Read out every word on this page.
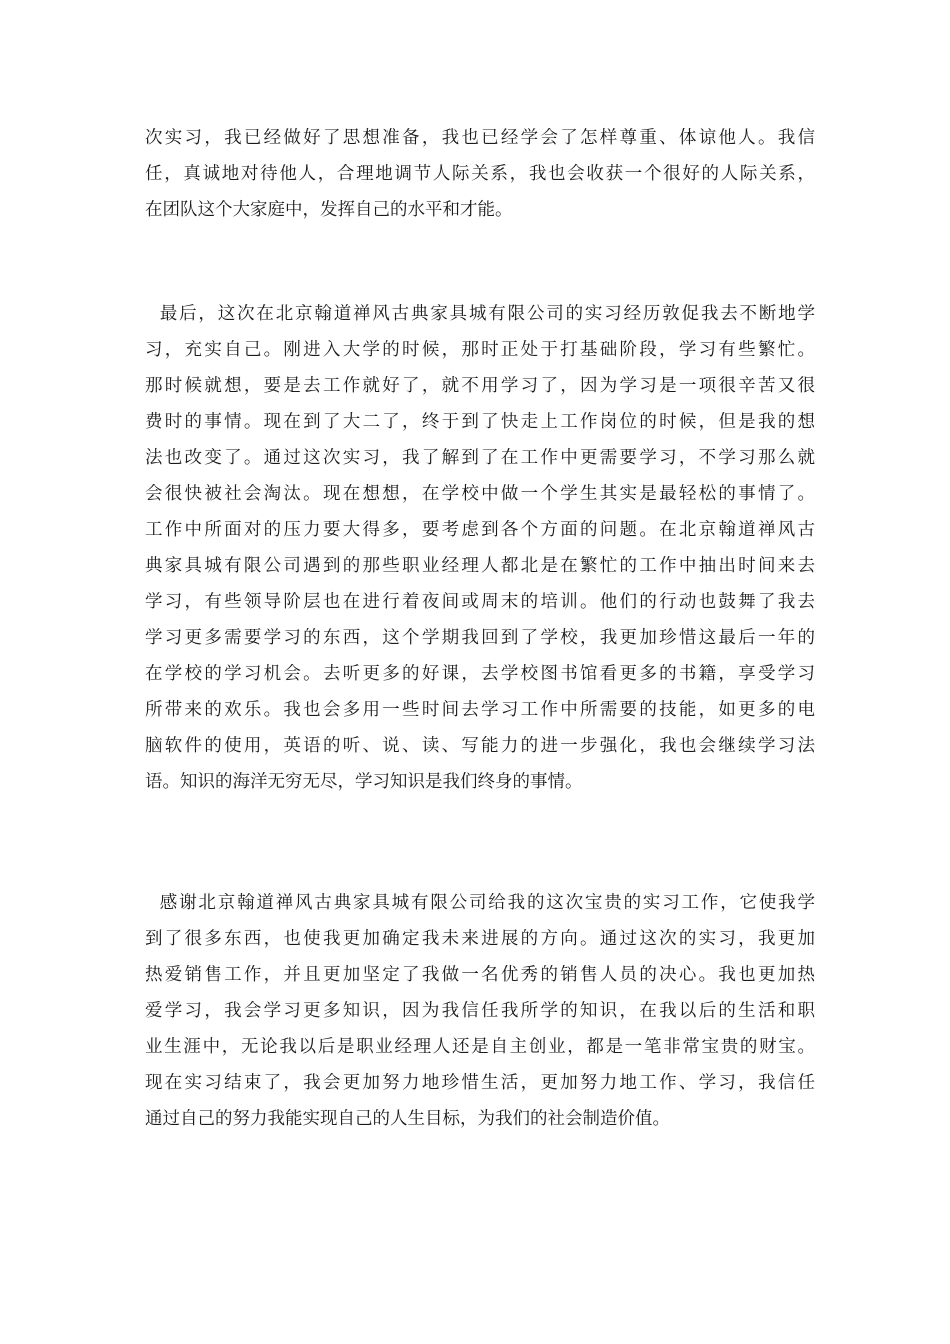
次实习，我已经做好了思想准备，我也已经学会了怎样尊重、体谅他人。我信
任，真诚地对待他人，合理地调节人际关系，我也会收获一个很好的人际关系，
在团队这个大家庭中，发挥自己的水平和才能。
最后，这次在北京翰道禅风古典家具城有限公司的实习经历敦促我去不断地学
习，充实自己。刚进入大学的时候，那时正处于打基础阶段，学习有些繁忙。
那时候就想，要是去工作就好了，就不用学习了，因为学习是一项很辛苦又很
费时的事情。现在到了大二了，终于到了快走上工作岗位的时候，但是我的想
法也改变了。通过这次实习，我了解到了在工作中更需要学习，不学习那么就
会很快被社会淘汰。现在想想，在学校中做一个学生其实是最轻松的事情了。
工作中所面对的压力要大得多，要考虑到各个方面的问题。在北京翰道禅风古
典家具城有限公司遇到的那些职业经理人都北是在繁忙的工作中抽出时间来去
学习，有些领导阶层也在进行着夜间或周末的培训。他们的行动也鼓舞了我去
学习更多需要学习的东西，这个学期我回到了学校，我更加珍惜这最后一年的
在学校的学习机会。去听更多的好课，去学校图书馆看更多的书籍，享受学习
所带来的欢乐。我也会多用一些时间去学习工作中所需要的技能，如更多的电
脑软件的使用，英语的听、说、读、写能力的进一步强化，我也会继续学习法
语。知识的海洋无穷无尽，学习知识是我们终身的事情。
感谢北京翰道禅风古典家具城有限公司给我的这次宝贵的实习工作，它使我学
到了很多东西，也使我更加确定我未来进展的方向。通过这次的实习，我更加
热爱销售工作，并且更加坚定了我做一名优秀的销售人员的决心。我也更加热
爱学习，我会学习更多知识，因为我信任我所学的知识，在我以后的生活和职
业生涯中，无论我以后是职业经理人还是自主创业，都是一笔非常宝贵的财宝。
现在实习结束了，我会更加努力地珍惜生活，更加努力地工作、学习，我信任
通过自己的努力我能实现自己的人生目标，为我们的社会制造价值。
